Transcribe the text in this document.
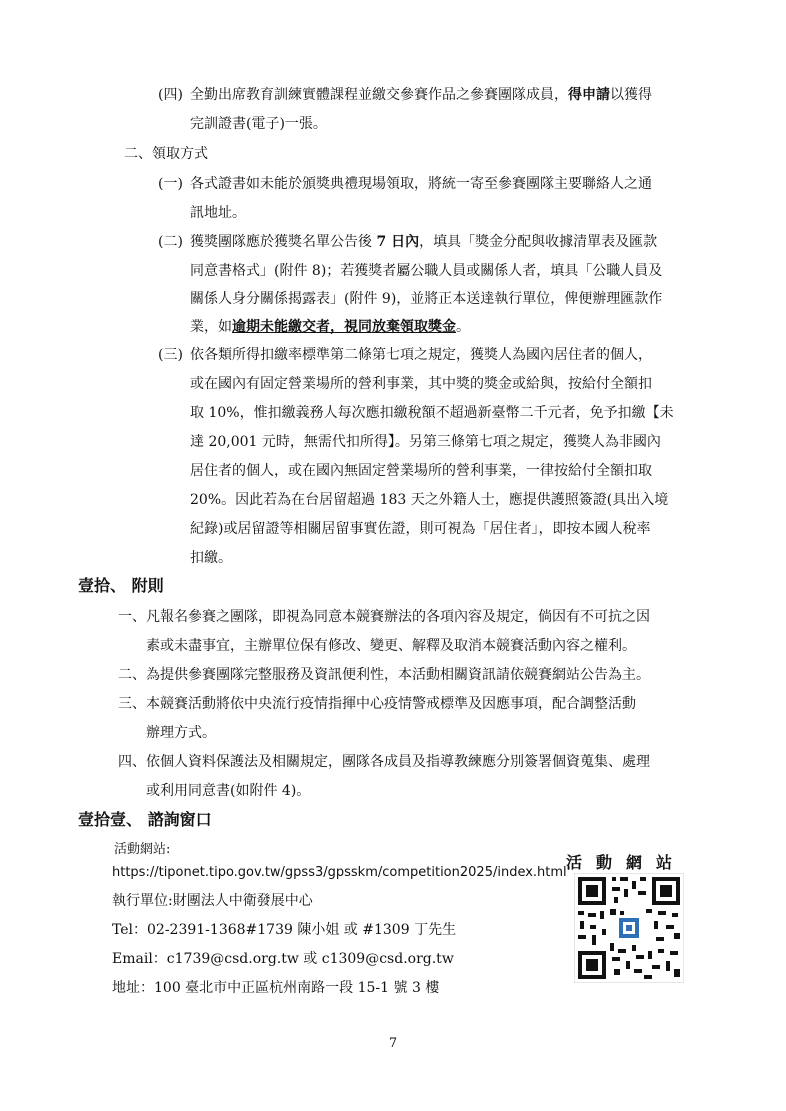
(四) 全勤出席教育訓練實體課程並繳交參賽作品之參賽團隊成員，得申請以獲得
完訓證書(電子)一張。
二、領取方式
(一) 各式證書如未能於頒獎典禮現場領取，將統一寄至參賽團隊主要聯絡人之通
訊地址。
(二) 獲獎團隊應於獲獎名單公告後 7 日內，填具「獎金分配與收據清單表及匯款
同意書格式」(附件 8)；若獲獎者屬公職人員或關係人者，填具「公職人員及
關係人身分關係揭露表」(附件 9)，並將正本送達執行單位，俾便辦理匯款作
業，如逾期未能繳交者，視同放棄領取獎金。
(三) 依各類所得扣繳率標準第二條第七項之規定，獲獎人為國內居住者的個人，
或在國內有固定營業場所的營利事業，其中獎的獎金或給與，按給付全額扣
取 10%，惟扣繳義務人每次應扣繳稅額不超過新臺幣二千元者，免予扣繳【未
達 20,001 元時，無需代扣所得】。另第三條第七項之規定，獲獎人為非國內
居住者的個人，或在國內無固定營業場所的營利事業，一律按給付全額扣取
20%。因此若為在台居留超過 183 天之外籍人士，應提供護照簽證(具出入境
紀錄)或居留證等相關居留事實佐證，則可視為「居住者」，即按本國人稅率
扣繳。
壹拾、 附則
一、 凡報名參賽之團隊，即視為同意本競賽辦法的各項內容及規定，倘因有不可抗之因
素或未盡事宜，主辦單位保有修改、變更、解釋及取消本競賽活動內容之權利。
二、 為提供參賽團隊完整服務及資訊便利性，本活動相關資訊請依競賽網站公告為主。
三、 本競賽活動將依中央流行疫情指揮中心疫情警戒標準及因應事項，配合調整活動
辦理方式。
四、 依個人資料保護法及相關規定，團隊各成員及指導教練應分別簽署個資蒐集、處理
或利用同意書(如附件 4)。
壹拾壹、 諮詢窗口
活動網站:
https://tiponet.tipo.gov.tw/gpss3/gpsskm/competition2025/index.html
執行單位:財團法人中衛發展中心
Tel：02-2391-1368#1739 陳小姐 或 #1309 丁先生
Email：c1739@csd.org.tw 或 c1309@csd.org.tw
地址：100 臺北市中正區杭州南路一段 15-1 號 3 樓
活動網站
7
